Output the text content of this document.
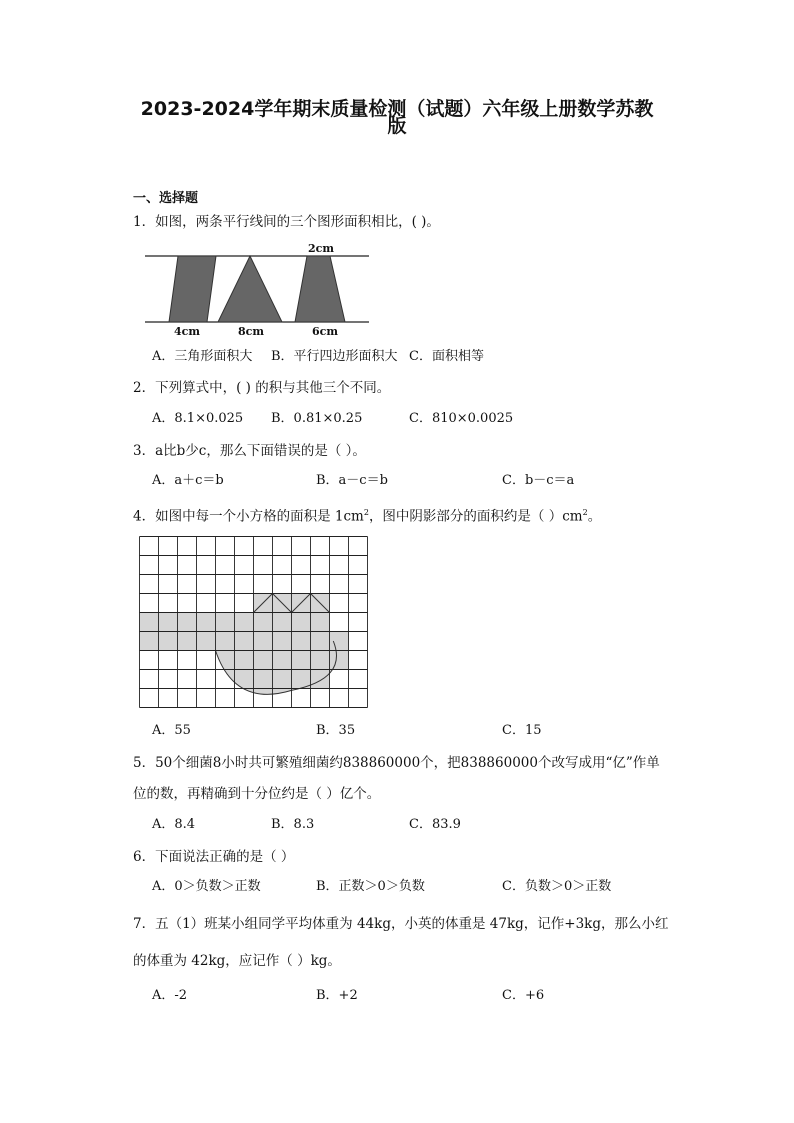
2023-2024学年期末质量检测（试题）六年级上册数学苏教
版
一、选择题
1．如图，两条平行线间的三个图形面积相比，( )。
2cm
4cm	8cm	6cm
A．三角形面积大 B．平行四边形面积大 C．面积相等
2．下列算式中，( ) 的积与其他三个不同。
A．8.1×0.025 B．0.81×0.25	C．810×0.0025
3．a比b少c，那么下面错误的是（ ）。
A．a＋c＝b	B．a－c＝b	C．b－c＝a
4．如图中每一个小方格的面积是 $1cm^2$，图中阴影部分的面积约是（ ）$cm^2$。
A．55	B．35	C．15
5．50个细菌8小时共可繁殖细菌约838860000个，把838860000个改写成用“亿”作单
位的数，再精确到十分位约是（ ）亿个。
A．8.4	B．8.3	C．83.9
6．下面说法正确的是（ ）
A．0＞负数＞正数	B．正数＞0＞负数	C．负数＞0＞正数
7．五（1）班某小组同学平均体重为 44kg，小英的体重是 47kg，记作+3kg，那么小红
的体重为 42kg，应记作（ ）kg。
A．-2	B．+2	C．+6
